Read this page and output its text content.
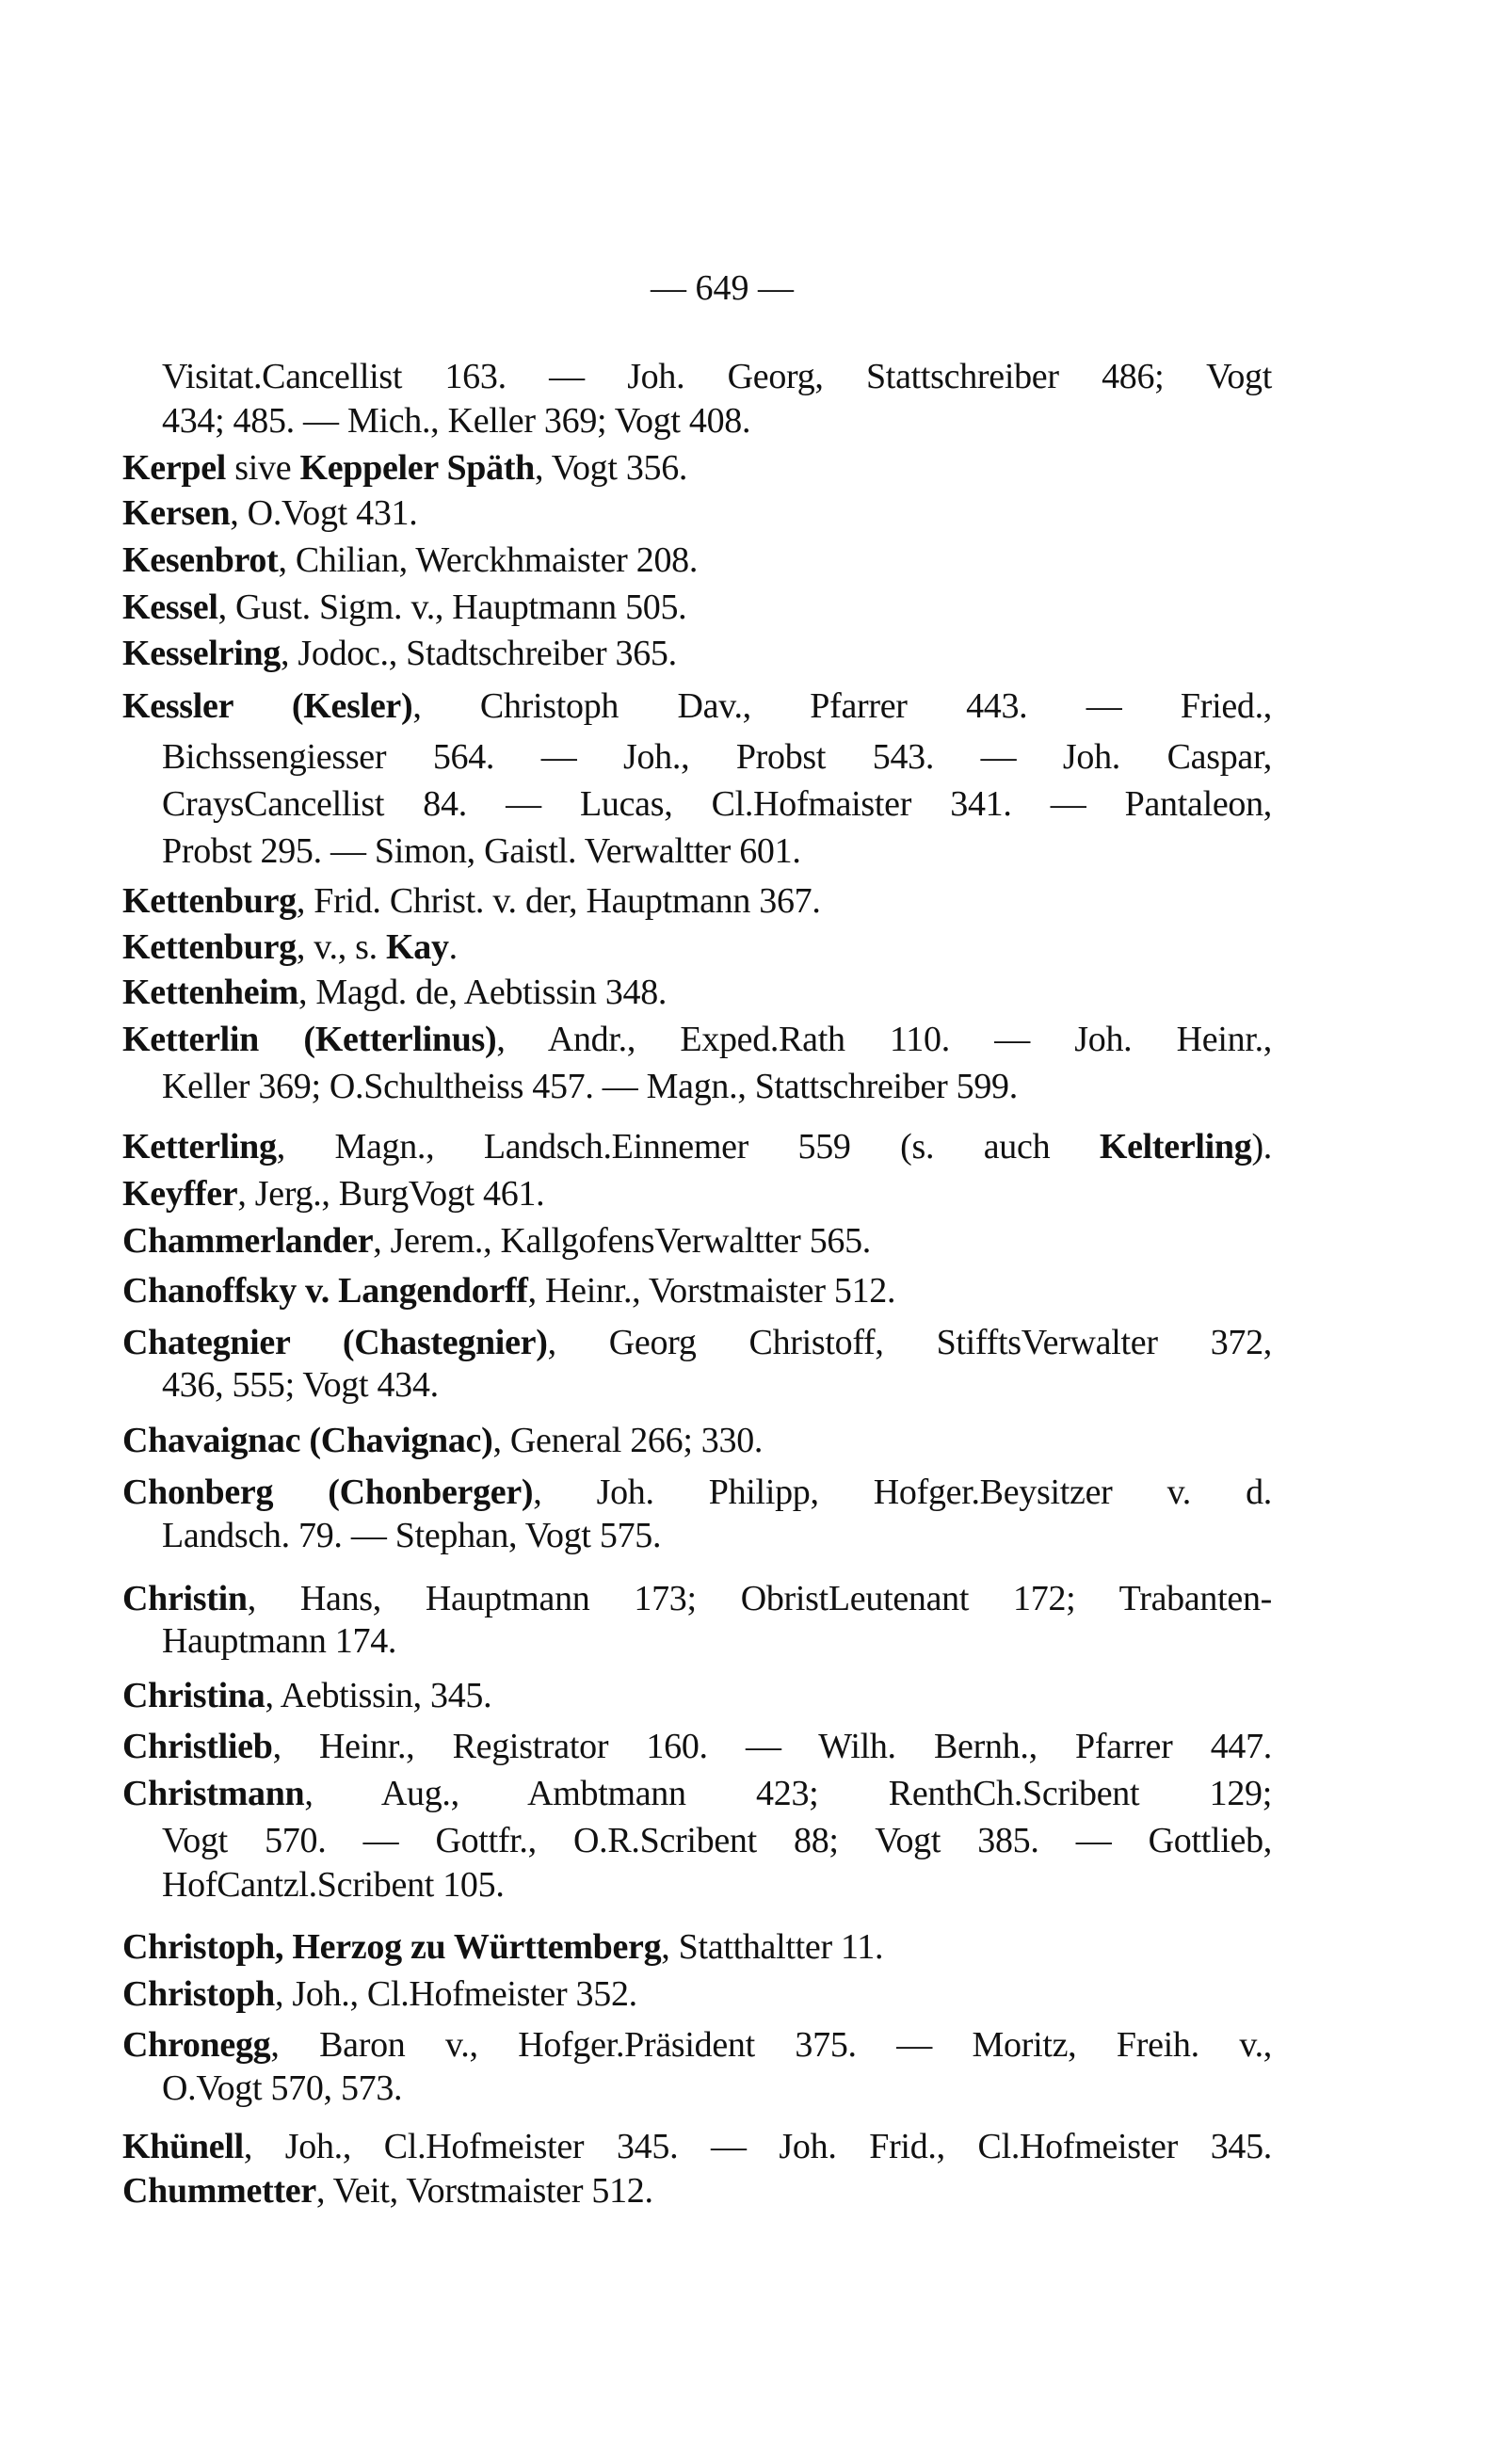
— 649 —
Visitat.Cancellist 163. — Joh. Georg, Stattschreiber 486; Vogt
434; 485. — Mich., Keller 369; Vogt 408.
Kerpel sive Keppeler Späth, Vogt 356.
Kersen, O.Vogt 431.
Kesenbrot, Chilian, Werckhmaister 208.
Kessel, Gust. Sigm. v., Hauptmann 505.
Kesselring, Jodoc., Stadtschreiber 365.
Kessler (Kesler), Christoph Dav., Pfarrer 443. — Fried.,
Bichssengiesser 564. — Joh., Probst 543. — Joh. Caspar,
CraysCancellist 84. — Lucas, Cl.Hofmaister 341. — Pantaleon,
Probst 295. — Simon, Gaistl. Verwaltter 601.
Kettenburg, Frid. Christ. v. der, Hauptmann 367.
Kettenburg, v., s. Kay.
Kettenheim, Magd. de, Aebtissin 348.
Ketterlin (Ketterlinus), Andr., Exped.Rath 110. — Joh. Heinr.,
Keller 369; O.Schultheiss 457. — Magn., Stattschreiber 599.
Ketterling, Magn., Landsch.Einnemer 559 (s. auch Kelterling).
Keyffer, Jerg., BurgVogt 461.
Chammerlander, Jerem., KallgofensVerwaltter 565.
Chanoffsky v. Langendorff, Heinr., Vorstmaister 512.
Chategnier (Chastegnier), Georg Christoff, StifftsVerwalter 372,
436, 555; Vogt 434.
Chavaignac (Chavignac), General 266; 330.
Chonberg (Chonberger), Joh. Philipp, Hofger.Beysitzer v. d.
Landsch. 79. — Stephan, Vogt 575.
Christin, Hans, Hauptmann 173; ObristLeutenant 172; Trabanten-
Hauptmann 174.
Christina, Aebtissin, 345.
Christlieb, Heinr., Registrator 160. — Wilh. Bernh., Pfarrer 447.
Christmann, Aug., Ambtmann 423; RenthCh.Scribent 129;
Vogt 570. — Gottfr., O.R.Scribent 88; Vogt 385. — Gottlieb,
HofCantzl.Scribent 105.
Christoph, Herzog zu Württemberg, Statthaltter 11.
Christoph, Joh., Cl.Hofmeister 352.
Chronegg, Baron v., Hofger.Präsident 375. — Moritz, Freih. v.,
O.Vogt 570, 573.
Khünell, Joh., Cl.Hofmeister 345. — Joh. Frid., Cl.Hofmeister 345.
Chummetter, Veit, Vorstmaister 512.
